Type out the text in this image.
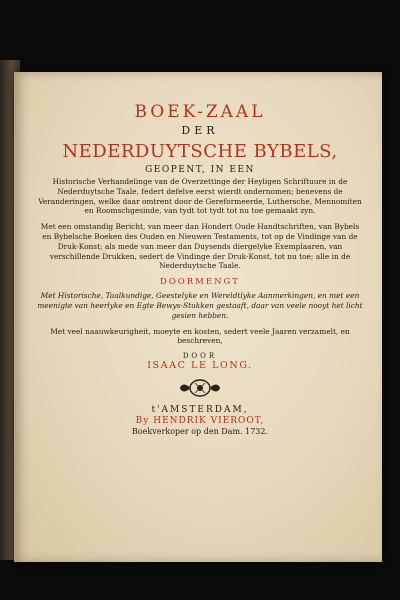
BOEK-ZAAL

DER

NEDERDUYTSCHE BYBELS,

GEOPENT, IN EEN

Historische Verhandelinge van de Overzettinge der Heyligen Schriftuure in de Nederduytsche Taale, federt defelve eerst wierdt ondernomen; benevens de Veranderingen, welke daar omtrent door de Gereformeerde, Luthersche, Mennomiten en Roomschgesinde, van tydt tot tydt tot nu toe gemaakt zyn.

Met een omstandig Bericht, van meer dan Hondert Oude Handtschriften, van Bybels en Bybelsche Boeken des Ouden en Nieuwen Testaments, tot op de Vindinge van de Druk-Konst; als mede van meer dan Duysends diergelyke Exemplaaren, van verschillende Drukken, sedert de Vindinge der Druk-Konst, tot nu toe; alle in de Nederduytsche Taale.

DOORMENGT

Met Historische, Taalkundige, Geestelyke en Wereldtlyke Aanmerkingen, en met een meenigte van heerlyke en Egte Bewys-Stukken gestaaft, daar van veele nooyt het licht gesien hebben.

Met veel naauwkeurigheit, moeyte en kosten, sedert veele Jaaren verzamelt, en beschreven,

DOOR

ISAAC LE LONG.

t'AMSTERDAM,

By HENDRIK VIEROOT,

Boekverkoper op den Dam. 1732.
